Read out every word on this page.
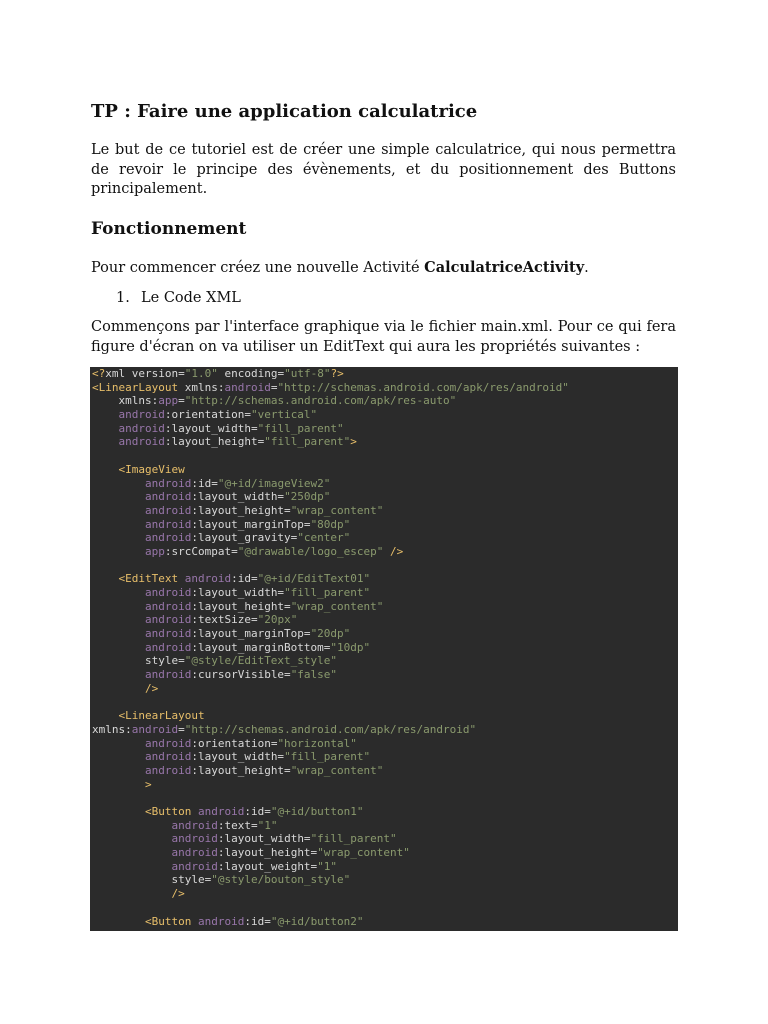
TP : Faire une application calculatrice

Le but de ce tutoriel est de créer une simple calculatrice, qui nous permettra de revoir le principe des évènements, et du positionnement des Buttons principalement.

Fonctionnement

Pour commencer créez une nouvelle Activité CalculatriceActivity.

1. Le Code XML

Commençons par l'interface graphique via le fichier main.xml. Pour ce qui fera figure d'écran on va utiliser un EditText qui aura les propriétés suivantes :

<?xml version="1.0" encoding="utf-8"?>
<LinearLayout xmlns:android="http://schemas.android.com/apk/res/android"
xmlns:app="http://schemas.android.com/apk/res-auto"
android:orientation="vertical"
android:layout_width="fill_parent"
android:layout_height="fill_parent">

<ImageView
android:id="@+id/imageView2"
android:layout_width="250dp"
android:layout_height="wrap_content"
android:layout_marginTop="80dp"
android:layout_gravity="center"
app:srcCompat="@drawable/logo_escep" />

<EditText android:id="@+id/EditText01"
android:layout_width="fill_parent"
android:layout_height="wrap_content"
android:textSize="20px"
android:layout_marginTop="20dp"
android:layout_marginBottom="10dp"
style="@style/EditText_style"
android:cursorVisible="false"
/>

<LinearLayout
xmlns:android="http://schemas.android.com/apk/res/android"
android:orientation="horizontal"
android:layout_width="fill_parent"
android:layout_height="wrap_content"
>

<Button android:id="@+id/button1"
android:text="1"
android:layout_width="fill_parent"
android:layout_height="wrap_content"
android:layout_weight="1"
style="@style/bouton_style"
/>

<Button android:id="@+id/button2"
